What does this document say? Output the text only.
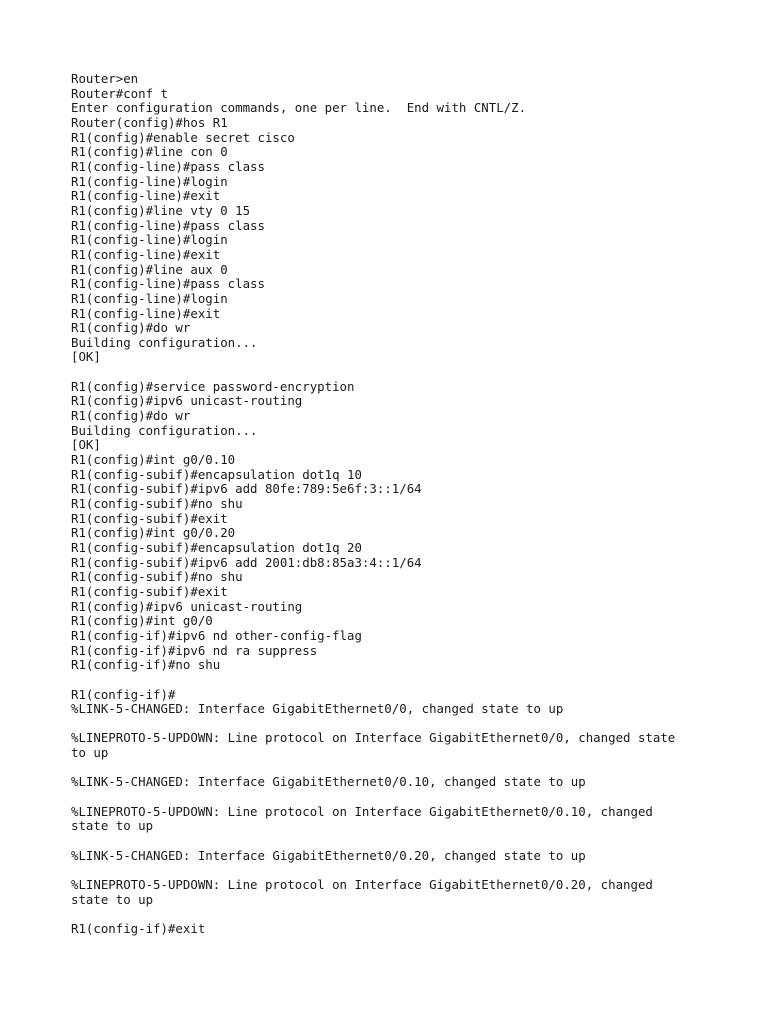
Router>en
Router#conf t
Enter configuration commands, one per line.  End with CNTL/Z.
Router(config)#hos R1
R1(config)#enable secret cisco
R1(config)#line con 0
R1(config-line)#pass class
R1(config-line)#login
R1(config-line)#exit
R1(config)#line vty 0 15
R1(config-line)#pass class
R1(config-line)#login
R1(config-line)#exit
R1(config)#line aux 0
R1(config-line)#pass class
R1(config-line)#login
R1(config-line)#exit
R1(config)#do wr
Building configuration...
[OK]
R1(config)#service password-encryption
R1(config)#ipv6 unicast-routing
R1(config)#do wr
Building configuration...
[OK]
R1(config)#int g0/0.10
R1(config-subif)#encapsulation dot1q 10
R1(config-subif)#ipv6 add 80fe:789:5e6f:3::1/64
R1(config-subif)#no shu
R1(config-subif)#exit
R1(config)#int g0/0.20
R1(config-subif)#encapsulation dot1q 20
R1(config-subif)#ipv6 add 2001:db8:85a3:4::1/64
R1(config-subif)#no shu
R1(config-subif)#exit
R1(config)#ipv6 unicast-routing
R1(config)#int g0/0
R1(config-if)#ipv6 nd other-config-flag
R1(config-if)#ipv6 nd ra suppress
R1(config-if)#no shu
R1(config-if)#
%LINK-5-CHANGED: Interface GigabitEthernet0/0, changed state to up
%LINEPROTO-5-UPDOWN: Line protocol on Interface GigabitEthernet0/0, changed state
to up
%LINK-5-CHANGED: Interface GigabitEthernet0/0.10, changed state to up
%LINEPROTO-5-UPDOWN: Line protocol on Interface GigabitEthernet0/0.10, changed
state to up
%LINK-5-CHANGED: Interface GigabitEthernet0/0.20, changed state to up
%LINEPROTO-5-UPDOWN: Line protocol on Interface GigabitEthernet0/0.20, changed
state to up
R1(config-if)#exit
